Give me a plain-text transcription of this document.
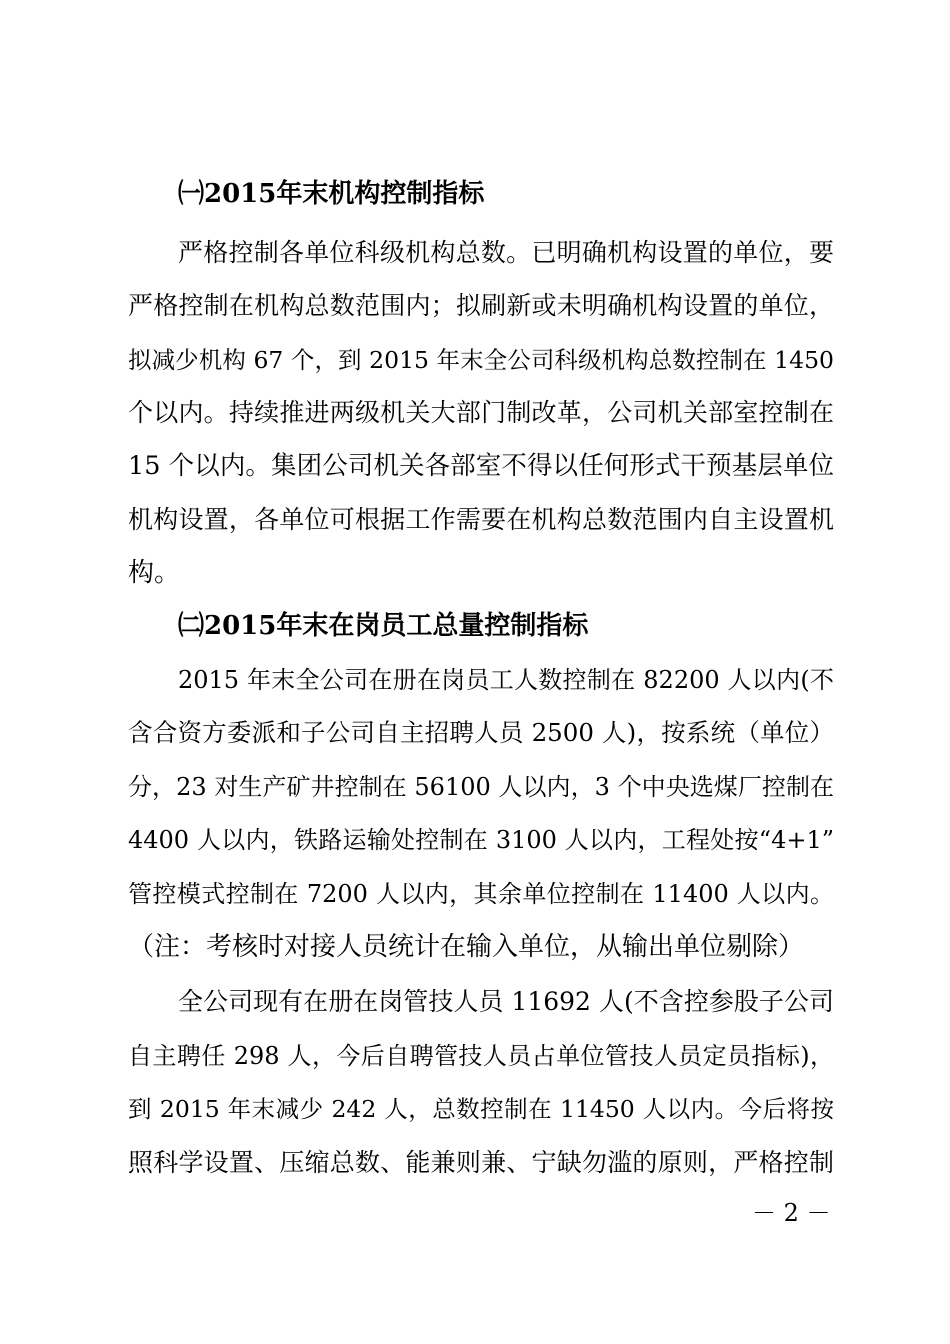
㈠2015年末机构控制指标
严格控制各单位科级机构总数。已明确机构设置的单位，要
严格控制在机构总数范围内；拟刷新或未明确机构设置的单位，
拟减少机构 67 个，到 2015 年末全公司科级机构总数控制在 1450
个以内。持续推进两级机关大部门制改革，公司机关部室控制在
15 个以内。集团公司机关各部室不得以任何形式干预基层单位
机构设置，各单位可根据工作需要在机构总数范围内自主设置机
构。
㈡2015年末在岗员工总量控制指标
2015 年末全公司在册在岗员工人数控制在 82200 人以内(不
含合资方委派和子公司自主招聘人员 2500 人)，按系统（单位）
分，23 对生产矿井控制在 56100 人以内，3 个中央选煤厂控制在
4400 人以内，铁路运输处控制在 3100 人以内，工程处按“4+1”
管控模式控制在 7200 人以内，其余单位控制在 11400 人以内。
（注：考核时对接人员统计在输入单位，从输出单位剔除）
全公司现有在册在岗管技人员 11692 人(不含控参股子公司
自主聘任 298 人，今后自聘管技人员占单位管技人员定员指标)，
到 2015 年末减少 242 人，总数控制在 11450 人以内。今后将按
照科学设置、压缩总数、能兼则兼、宁缺勿滥的原则，严格控制
－ 2 －
